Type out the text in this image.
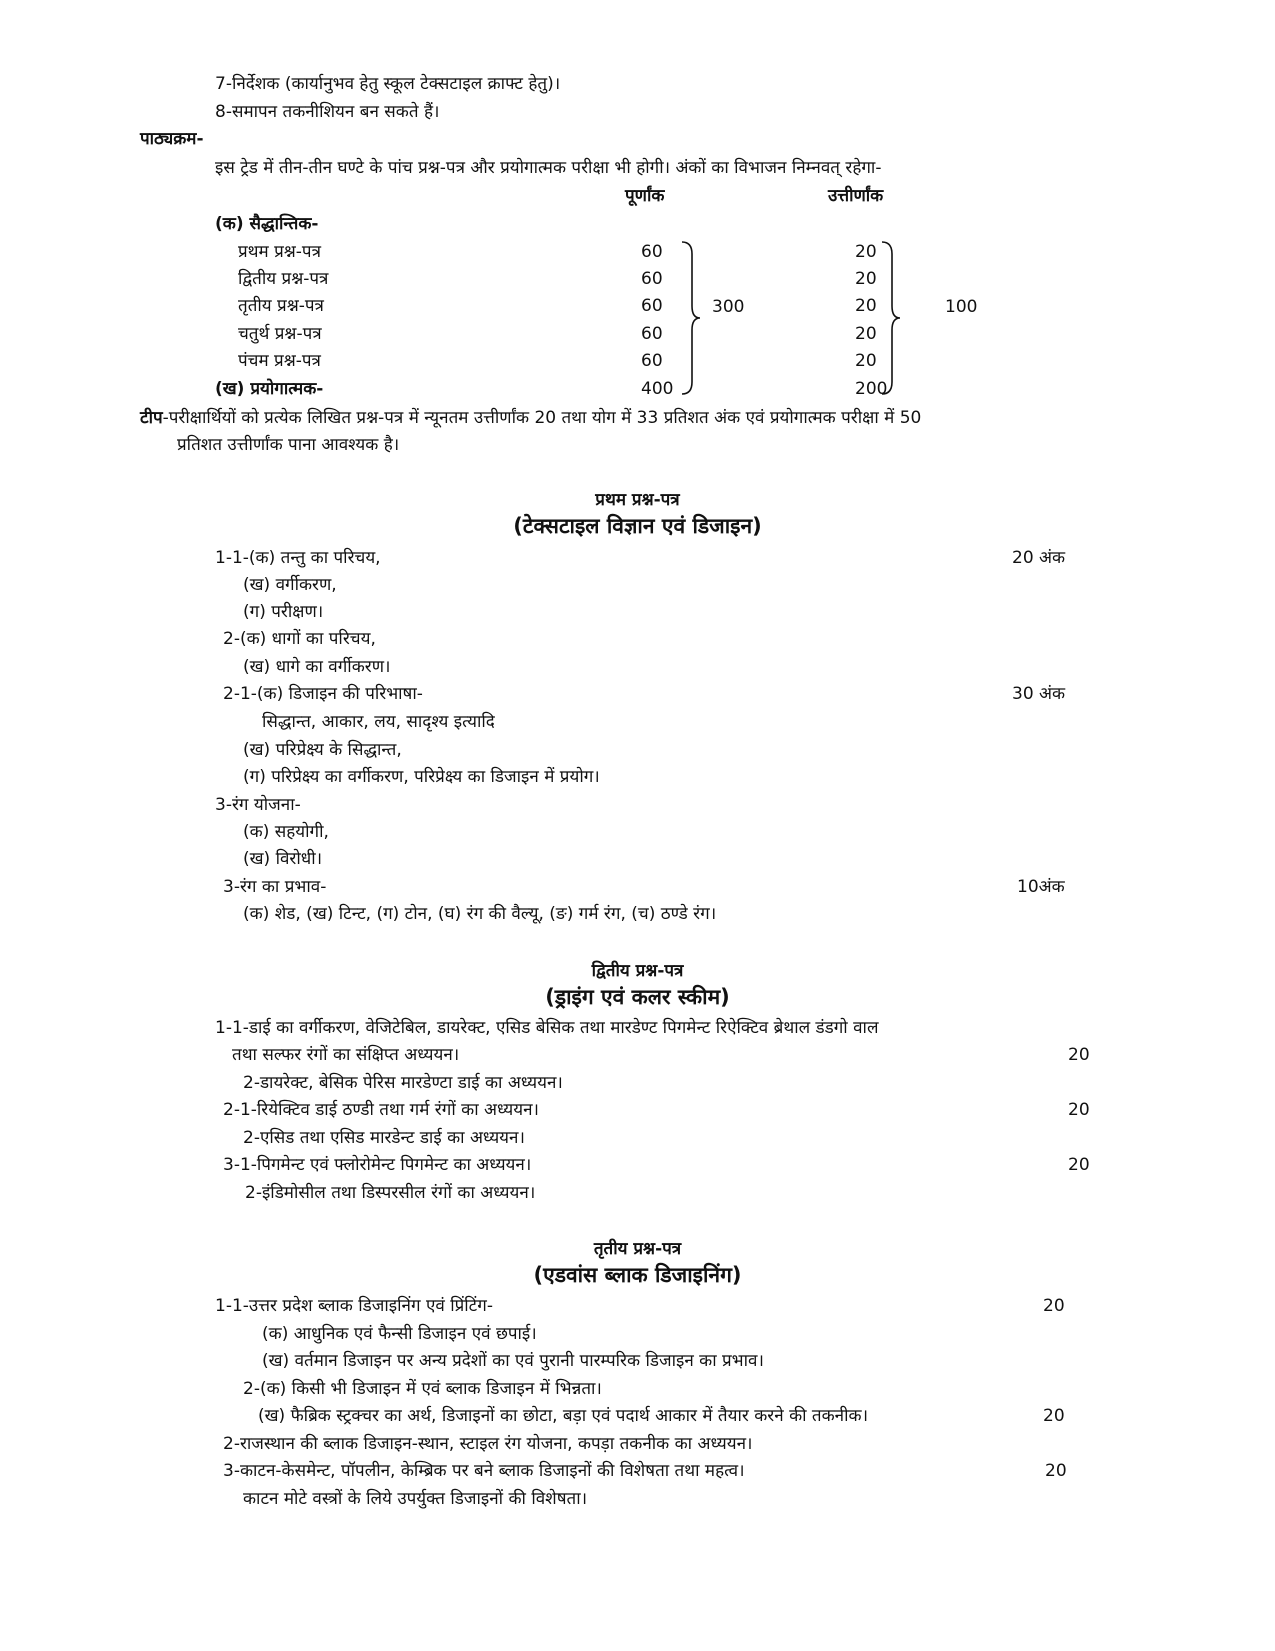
7-निर्देशक (कार्यानुभव हेतु स्कूल टेक्सटाइल क्राफ्ट हेतु)।
8-समापन तकनीशियन बन सकते हैं।
पाठ्यक्रम-
इस ट्रेड में तीन-तीन घण्टे के पांच प्रश्न-पत्र और प्रयोगात्मक परीक्षा भी होगी। अंकों का विभाजन निम्नवत् रहेगा-
पूर्णांक	उत्तीर्णांक
(क) सैद्धान्तिक-
प्रथम प्रश्न-पत्र	60	20
द्वितीय प्रश्न-पत्र	60	20
तृतीय प्रश्न-पत्र	60	20
चतुर्थ प्रश्न-पत्र	60	20
पंचम प्रश्न-पत्र	60	20
300	100
(ख) प्रयोगात्मक-	400	200
टीप-परीक्षार्थियों को प्रत्येक लिखित प्रश्न-पत्र में न्यूनतम उत्तीर्णांक 20 तथा योग में 33 प्रतिशत अंक एवं प्रयोगात्मक परीक्षा में 50
प्रतिशत उत्तीर्णांक पाना आवश्यक है।
प्रथम प्रश्न-पत्र
(टेक्सटाइल विज्ञान एवं डिजाइन)
1-1-(क) तन्तु का परिचय,	20 अंक
(ख) वर्गीकरण,
(ग) परीक्षण।
2-(क) धागों का परिचय,
(ख) धागे का वर्गीकरण।
2-1-(क) डिजाइन की परिभाषा-	30 अंक
सिद्धान्त, आकार, लय, सादृश्य इत्यादि
(ख) परिप्रेक्ष्य के सिद्धान्त,
(ग) परिप्रेक्ष्य का वर्गीकरण, परिप्रेक्ष्य का डिजाइन में प्रयोग।
3-रंग योजना-
(क) सहयोगी,
(ख) विरोधी।
3-रंग का प्रभाव-	10अंक
(क) शेड, (ख) टिन्ट, (ग) टोन, (घ) रंग की वैल्यू, (ङ) गर्म रंग, (च) ठण्डे रंग।
द्वितीय प्रश्न-पत्र
(ड्राइंग एवं कलर स्कीम)
1-1-डाई का वर्गीकरण, वेजिटेबिल, डायरेक्ट, एसिड बेसिक तथा मारडेण्ट पिगमेन्ट रिऐक्टिव ब्रेथाल डंडगो वाल
तथा सल्फर रंगों का संक्षिप्त अध्ययन।	20
2-डायरेक्ट, बेसिक पेरिस मारडेण्टा डाई का अध्ययन।
2-1-रियेक्टिव डाई ठण्डी तथा गर्म रंगों का अध्ययन।	20
2-एसिड तथा एसिड मारडेन्ट डाई का अध्ययन।
3-1-पिगमेन्ट एवं फ्लोरोमेन्ट पिगमेन्ट का अध्ययन।	20
2-इंडिमोसील तथा डिस्परसील रंगों का अध्ययन।
तृतीय प्रश्न-पत्र
(एडवांस ब्लाक डिजाइनिंग)
1-1-उत्तर प्रदेश ब्लाक डिजाइनिंग एवं प्रिंटिंग-	20
(क) आधुनिक एवं फैन्सी डिजाइन एवं छपाई।
(ख) वर्तमान डिजाइन पर अन्य प्रदेशों का एवं पुरानी पारम्परिक डिजाइन का प्रभाव।
2-(क) किसी भी डिजाइन में एवं ब्लाक डिजाइन में भिन्नता।
(ख) फैब्रिक स्ट्रक्चर का अर्थ, डिजाइनों का छोटा, बड़ा एवं पदार्थ आकार में तैयार करने की तकनीक।	20
2-राजस्थान की ब्लाक डिजाइन-स्थान, स्टाइल रंग योजना, कपड़ा तकनीक का अध्ययन।
3-काटन-केसमेन्ट, पॉपलीन, केम्ब्रिक पर बने ब्लाक डिजाइनों की विशेषता तथा महत्व।	20
काटन मोटे वस्त्रों के लिये उपर्युक्त डिजाइनों की विशेषता।
